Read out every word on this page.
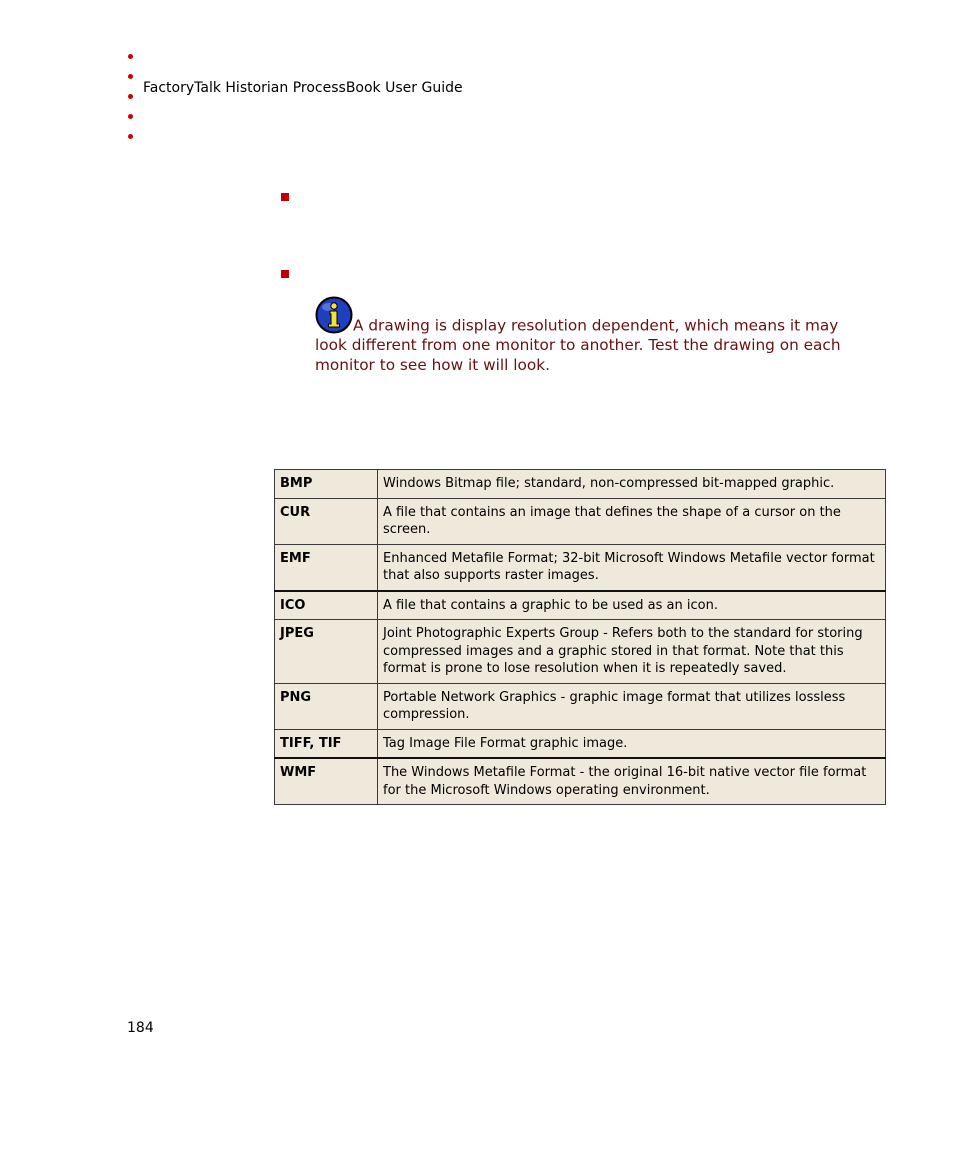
FactoryTalk Historian ProcessBook User Guide
A drawing is display resolution dependent, which means it may look different from one monitor to another. Test the drawing on each monitor to see how it will look.
BMP	Windows Bitmap file; standard, non-compressed bit-mapped graphic.
CUR	A file that contains an image that defines the shape of a cursor on the screen.
EMF	Enhanced Metafile Format; 32-bit Microsoft Windows Metafile vector format that also supports raster images.
ICO	A file that contains a graphic to be used as an icon.
JPEG	Joint Photographic Experts Group - Refers both to the standard for storing compressed images and a graphic stored in that format. Note that this format is prone to lose resolution when it is repeatedly saved.
PNG	Portable Network Graphics - graphic image format that utilizes lossless compression.
TIFF, TIF	Tag Image File Format graphic image.
WMF	The Windows Metafile Format - the original 16-bit native vector file format for the Microsoft Windows operating environment.
184
